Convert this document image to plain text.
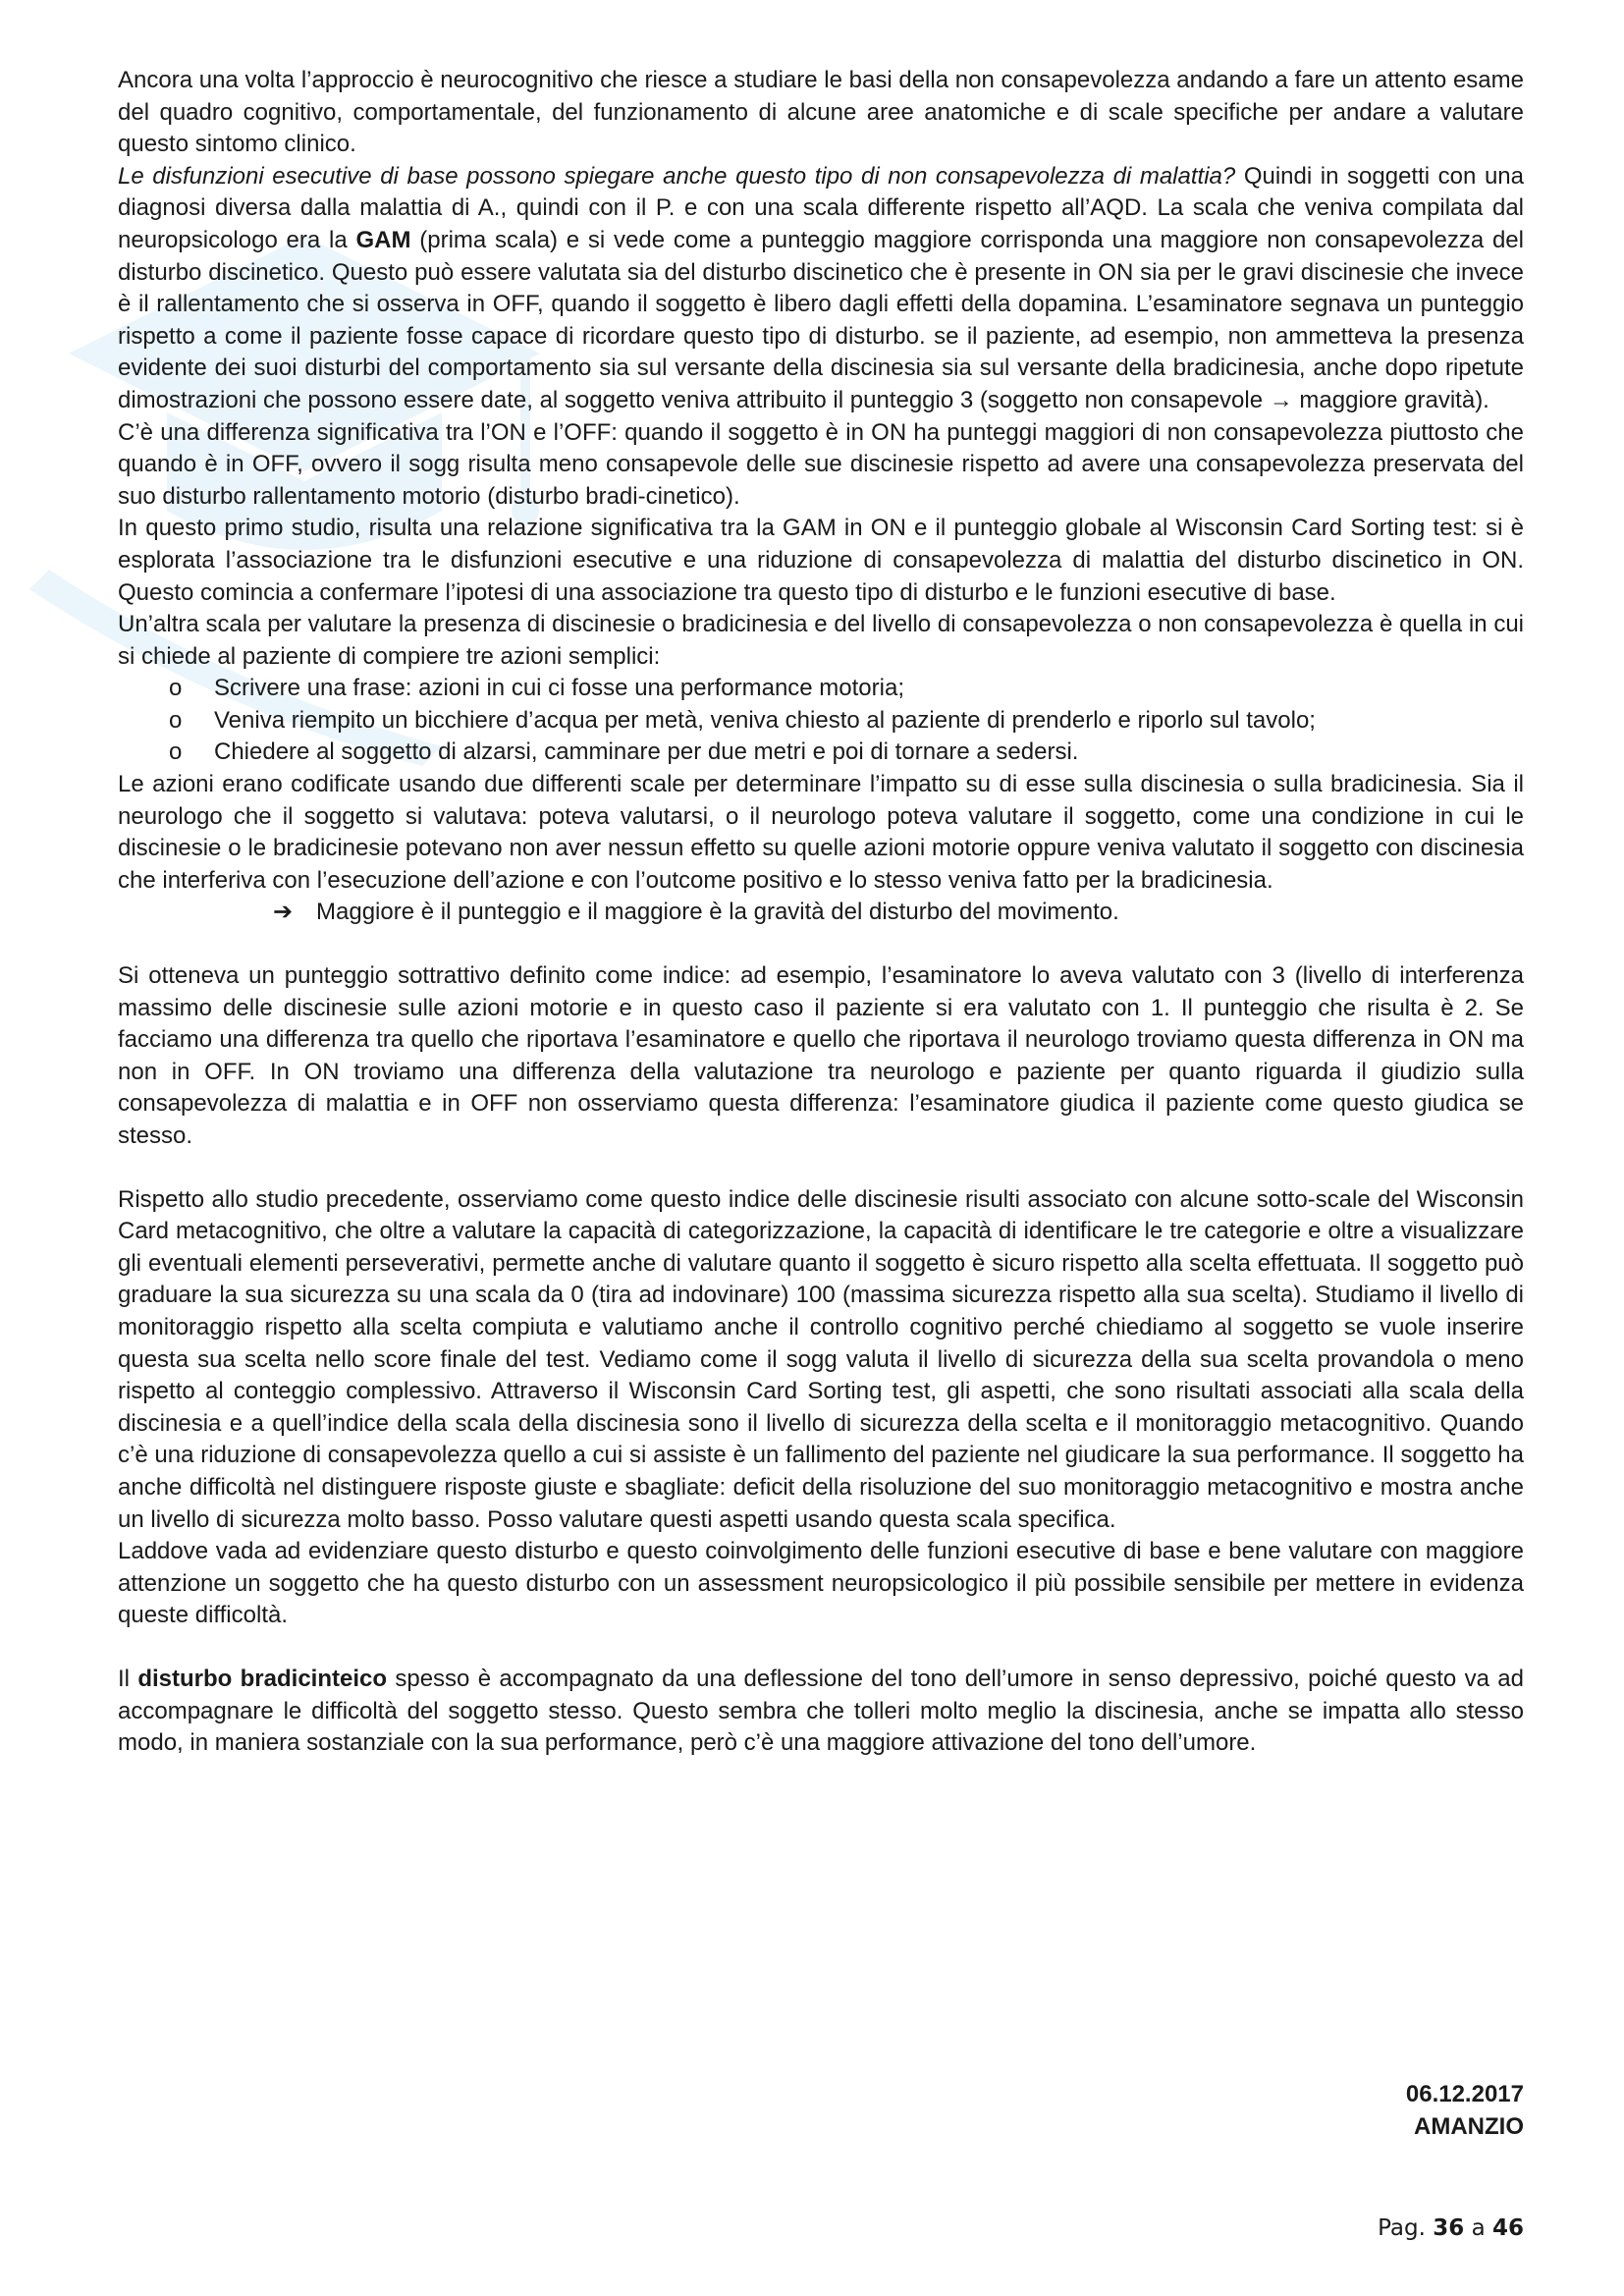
Ancora una volta l’approccio è neurocognitivo che riesce a studiare le basi della non consapevolezza andando a fare un attento esame del quadro cognitivo, comportamentale, del funzionamento di alcune aree anatomiche e di scale specifiche per andare a valutare questo sintomo clinico.

Le disfunzioni esecutive di base possono spiegare anche questo tipo di non consapevolezza di malattia? Quindi in soggetti con una diagnosi diversa dalla malattia di A., quindi con il P. e con una scala differente rispetto all’AQD. La scala che veniva compilata dal neuropsicologo era la GAM (prima scala) e si vede come a punteggio maggiore corrisponda una maggiore non consapevolezza del disturbo discinetico. Questo può essere valutata sia del disturbo discinetico che è presente in ON sia per le gravi discinesie che invece è il rallentamento che si osserva in OFF, quando il soggetto è libero dagli effetti della dopamina. L’esaminatore segnava un punteggio rispetto a come il paziente fosse capace di ricordare questo tipo di disturbo. se il paziente, ad esempio, non ammetteva la presenza evidente dei suoi disturbi del comportamento sia sul versante della discinesia sia sul versante della bradicinesia, anche dopo ripetute dimostrazioni che possono essere date, al soggetto veniva attribuito il punteggio 3 (soggetto non consapevole → maggiore gravità).

C’è una differenza significativa tra l’ON e l’OFF: quando il soggetto è in ON ha punteggi maggiori di non consapevolezza piuttosto che quando è in OFF, ovvero il sogg risulta meno consapevole delle sue discinesie rispetto ad avere una consapevolezza preservata del suo disturbo rallentamento motorio (disturbo bradi-cinetico).

In questo primo studio, risulta una relazione significativa tra la GAM in ON e il punteggio globale al Wisconsin Card Sorting test: si è esplorata l’associazione tra le disfunzioni esecutive e una riduzione di consapevolezza di malattia del disturbo discinetico in ON. Questo comincia a confermare l’ipotesi di una associazione tra questo tipo di disturbo e le funzioni esecutive di base.

Un’altra scala per valutare la presenza di discinesie o bradicinesia e del livello di consapevolezza o non consapevolezza è quella in cui si chiede al paziente di compiere tre azioni semplici:

o Scrivere una frase: azioni in cui ci fosse una performance motoria;
o Veniva riempito un bicchiere d’acqua per metà, veniva chiesto al paziente di prenderlo e riporlo sul tavolo;
o Chiedere al soggetto di alzarsi, camminare per due metri e poi di tornare a sedersi.

Le azioni erano codificate usando due differenti scale per determinare l’impatto su di esse sulla discinesia o sulla bradicinesia. Sia il neurologo che il soggetto si valutava: poteva valutarsi, o il neurologo poteva valutare il soggetto, come una condizione in cui le discinesie o le bradicinesie potevano non aver nessun effetto su quelle azioni motorie oppure veniva valutato il soggetto con discinesia che interferiva con l’esecuzione dell’azione e con l’outcome positivo e lo stesso veniva fatto per la bradicinesia.

➔ Maggiore è il punteggio e il maggiore è la gravità del disturbo del movimento.

Si otteneva un punteggio sottrattivo definito come indice: ad esempio, l’esaminatore lo aveva valutato con 3 (livello di interferenza massimo delle discinesie sulle azioni motorie e in questo caso il paziente si era valutato con 1. Il punteggio che risulta è 2. Se facciamo una differenza tra quello che riportava l’esaminatore e quello che riportava il neurologo troviamo questa differenza in ON ma non in OFF. In ON troviamo una differenza della valutazione tra neurologo e paziente per quanto riguarda il giudizio sulla consapevolezza di malattia e in OFF non osserviamo questa differenza: l’esaminatore giudica il paziente come questo giudica se stesso.

Rispetto allo studio precedente, osserviamo come questo indice delle discinesie risulti associato con alcune sotto-scale del Wisconsin Card metacognitivo, che oltre a valutare la capacità di categorizzazione, la capacità di identificare le tre categorie e oltre a visualizzare gli eventuali elementi perseverativi, permette anche di valutare quanto il soggetto è sicuro rispetto alla scelta effettuata. Il soggetto può graduare la sua sicurezza su una scala da 0 (tira ad indovinare) 100 (massima sicurezza rispetto alla sua scelta). Studiamo il livello di monitoraggio rispetto alla scelta compiuta e valutiamo anche il controllo cognitivo perché chiediamo al soggetto se vuole inserire questa sua scelta nello score finale del test. Vediamo come il sogg valuta il livello di sicurezza della sua scelta provandola o meno rispetto al conteggio complessivo. Attraverso il Wisconsin Card Sorting test, gli aspetti, che sono risultati associati alla scala della discinesia e a quell’indice della scala della discinesia sono il livello di sicurezza della scelta e il monitoraggio metacognitivo. Quando c’è una riduzione di consapevolezza quello a cui si assiste è un fallimento del paziente nel giudicare la sua performance. Il soggetto ha anche difficoltà nel distinguere risposte giuste e sbagliate: deficit della risoluzione del suo monitoraggio metacognitivo e mostra anche un livello di sicurezza molto basso. Posso valutare questi aspetti usando questa scala specifica.

Laddove vada ad evidenziare questo disturbo e questo coinvolgimento delle funzioni esecutive di base e bene valutare con maggiore attenzione un soggetto che ha questo disturbo con un assessment neuropsicologico il più possibile sensibile per mettere in evidenza queste difficoltà.

Il disturbo bradicinteico spesso è accompagnato da una deflessione del tono dell’umore in senso depressivo, poiché questo va ad accompagnare le difficoltà del soggetto stesso. Questo sembra che tolleri molto meglio la discinesia, anche se impatta allo stesso modo, in maniera sostanziale con la sua performance, però c’è una maggiore attivazione del tono dell’umore.

06.12.2017
AMANZIO
Pag. 36 a 46
